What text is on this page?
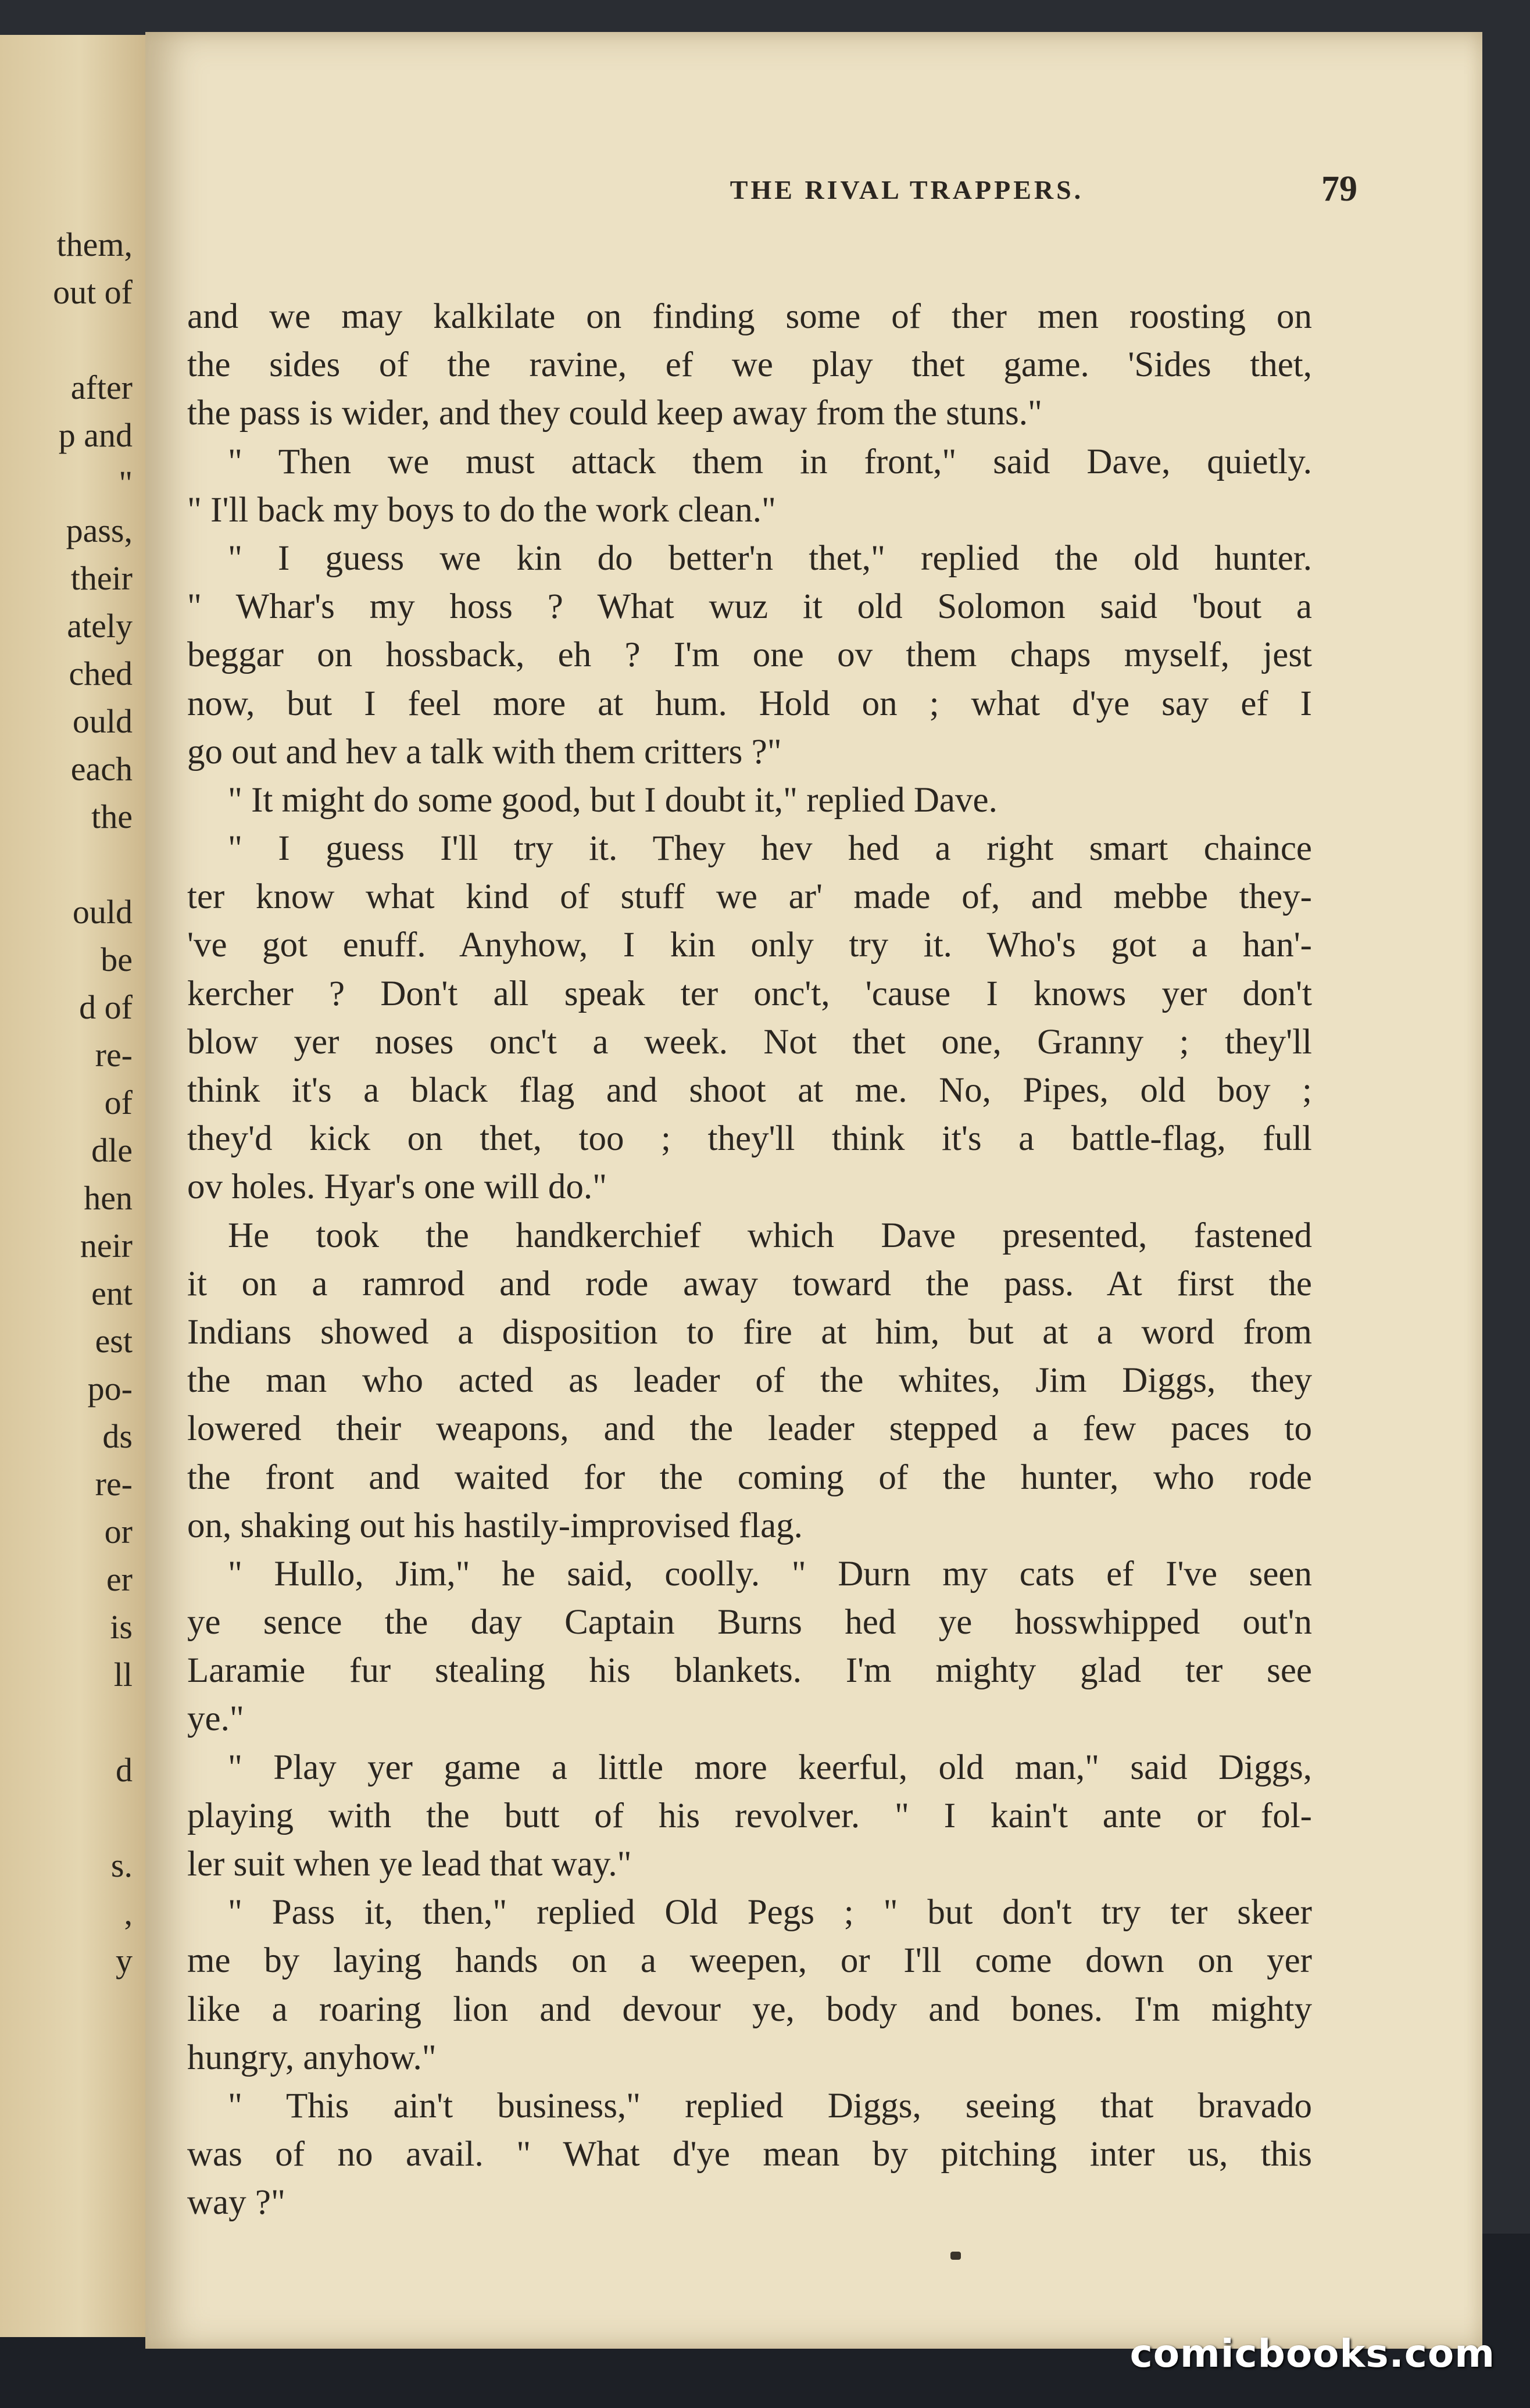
them,
out of
after
p and
"
pass,
their
ately
ched
ould
each
the
ould
be
d of
re-
of
dle
hen
neir
ent
est
po-
ds
re-
or
er
is
ll
d
s.
,
y
THE RIVAL TRAPPERS.	79
and we may kalkilate on finding some of ther men roosting on
the sides of the ravine, ef we play thet game. 'Sides thet,
the pass is wider, and they could keep away from the stuns."
" Then we must attack them in front," said Dave, quietly.
" I'll back my boys to do the work clean."
" I guess we kin do better'n thet," replied the old hunter.
" Whar's my hoss ? What wuz it old Solomon said 'bout a
beggar on hossback, eh ? I'm one ov them chaps myself, jest
now, but I feel more at hum. Hold on ; what d'ye say ef I
go out and hev a talk with them critters ?"
" It might do some good, but I doubt it," replied Dave.
" I guess I'll try it. They hev hed a right smart chaince
ter know what kind of stuff we ar' made of, and mebbe they-
've got enuff. Anyhow, I kin only try it. Who's got a han'-
kercher ? Don't all speak ter onc't, 'cause I knows yer don't
blow yer noses onc't a week. Not thet one, Granny ; they'll
think it's a black flag and shoot at me. No, Pipes, old boy ;
they'd kick on thet, too ; they'll think it's a battle-flag, full
ov holes. Hyar's one will do."
He took the handkerchief which Dave presented, fastened
it on a ramrod and rode away toward the pass. At first the
Indians showed a disposition to fire at him, but at a word from
the man who acted as leader of the whites, Jim Diggs, they
lowered their weapons, and the leader stepped a few paces to
the front and waited for the coming of the hunter, who rode
on, shaking out his hastily-improvised flag.
" Hullo, Jim," he said, coolly. " Durn my cats ef I've seen
ye sence the day Captain Burns hed ye hosswhipped out'n
Laramie fur stealing his blankets. I'm mighty glad ter see
ye."
" Play yer game a little more keerful, old man," said Diggs,
playing with the butt of his revolver. " I kain't ante or fol-
ler suit when ye lead that way."
" Pass it, then," replied Old Pegs ; " but don't try ter skeer
me by laying hands on a weepen, or I'll come down on yer
like a roaring lion and devour ye, body and bones. I'm mighty
hungry, anyhow."
" This ain't business," replied Diggs, seeing that bravado
was of no avail. " What d'ye mean by pitching inter us, this
way ?"
comicbooks.com
